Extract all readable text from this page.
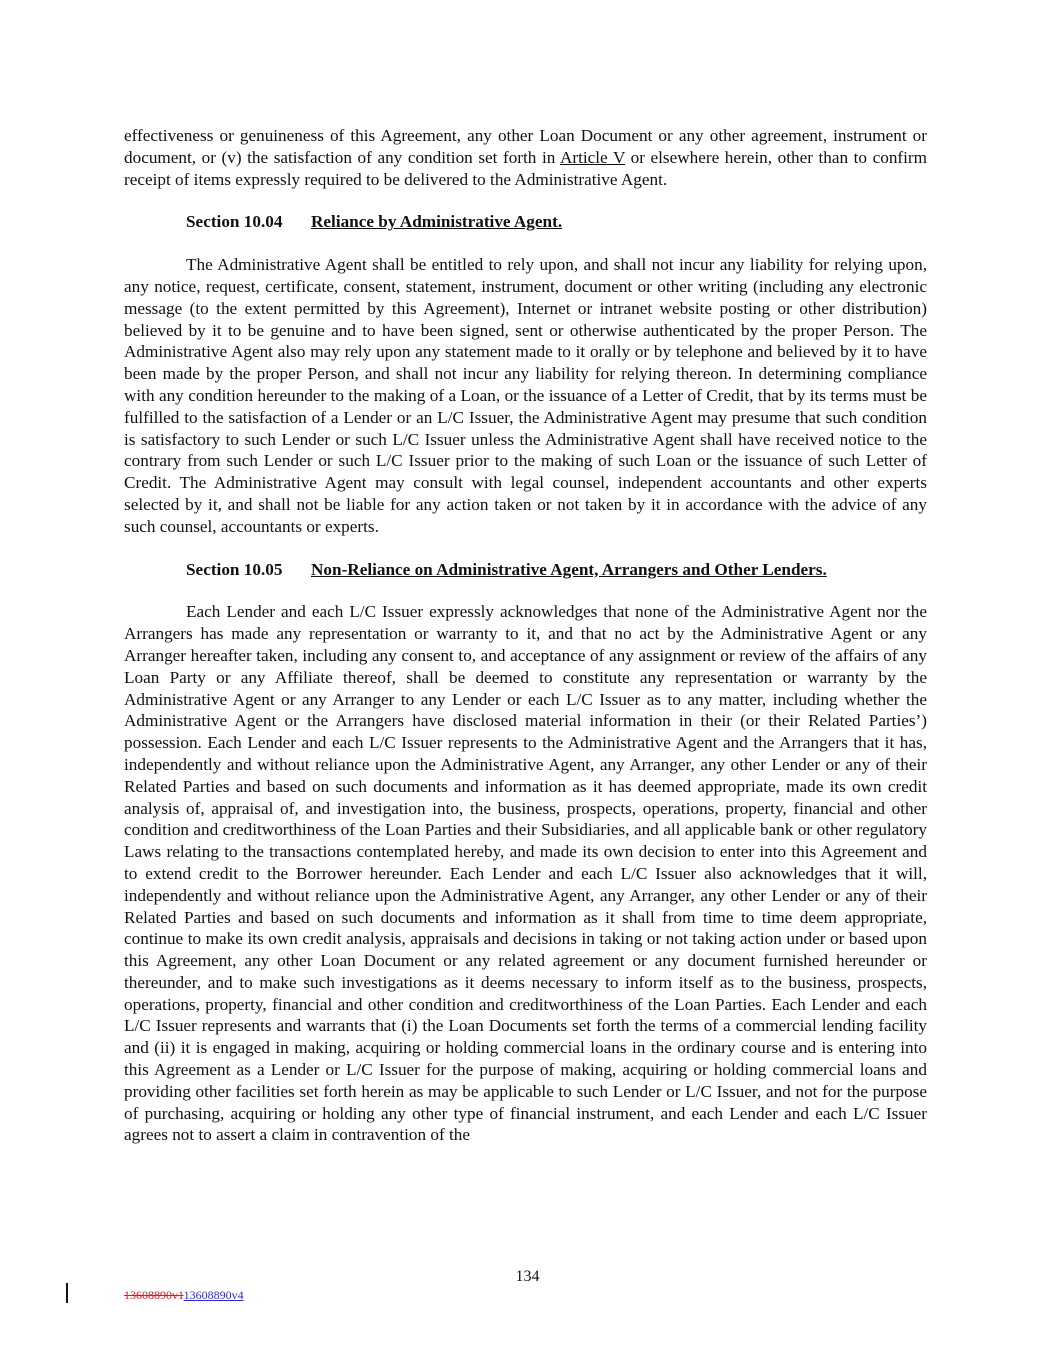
effectiveness or genuineness of this Agreement, any other Loan Document or any other agreement, instrument or document, or (v) the satisfaction of any condition set forth in Article V or elsewhere herein, other than to confirm receipt of items expressly required to be delivered to the Administrative Agent.

Section 10.04 Reliance by Administrative Agent.

The Administrative Agent shall be entitled to rely upon, and shall not incur any liability for relying upon, any notice, request, certificate, consent, statement, instrument, document or other writing (including any electronic message (to the extent permitted by this Agreement), Internet or intranet website posting or other distribution) believed by it to be genuine and to have been signed, sent or otherwise authenticated by the proper Person. The Administrative Agent also may rely upon any statement made to it orally or by telephone and believed by it to have been made by the proper Person, and shall not incur any liability for relying thereon. In determining compliance with any condition hereunder to the making of a Loan, or the issuance of a Letter of Credit, that by its terms must be fulfilled to the satisfaction of a Lender or an L/C Issuer, the Administrative Agent may presume that such condition is satisfactory to such Lender or such L/C Issuer unless the Administrative Agent shall have received notice to the contrary from such Lender or such L/C Issuer prior to the making of such Loan or the issuance of such Letter of Credit. The Administrative Agent may consult with legal counsel, independent accountants and other experts selected by it, and shall not be liable for any action taken or not taken by it in accordance with the advice of any such counsel, accountants or experts.

Section 10.05 Non-Reliance on Administrative Agent, Arrangers and Other Lenders.

Each Lender and each L/C Issuer expressly acknowledges that none of the Administrative Agent nor the Arrangers has made any representation or warranty to it, and that no act by the Administrative Agent or any Arranger hereafter taken, including any consent to, and acceptance of any assignment or review of the affairs of any Loan Party or any Affiliate thereof, shall be deemed to constitute any representation or warranty by the Administrative Agent or any Arranger to any Lender or each L/C Issuer as to any matter, including whether the Administrative Agent or the Arrangers have disclosed material information in their (or their Related Parties’) possession. Each Lender and each L/C Issuer represents to the Administrative Agent and the Arrangers that it has, independently and without reliance upon the Administrative Agent, any Arranger, any other Lender or any of their Related Parties and based on such documents and information as it has deemed appropriate, made its own credit analysis of, appraisal of, and investigation into, the business, prospects, operations, property, financial and other condition and creditworthiness of the Loan Parties and their Subsidiaries, and all applicable bank or other regulatory Laws relating to the transactions contemplated hereby, and made its own decision to enter into this Agreement and to extend credit to the Borrower hereunder. Each Lender and each L/C Issuer also acknowledges that it will, independently and without reliance upon the Administrative Agent, any Arranger, any other Lender or any of their Related Parties and based on such documents and information as it shall from time to time deem appropriate, continue to make its own credit analysis, appraisals and decisions in taking or not taking action under or based upon this Agreement, any other Loan Document or any related agreement or any document furnished hereunder or thereunder, and to make such investigations as it deems necessary to inform itself as to the business, prospects, operations, property, financial and other condition and creditworthiness of the Loan Parties. Each Lender and each L/C Issuer represents and warrants that (i) the Loan Documents set forth the terms of a commercial lending facility and (ii) it is engaged in making, acquiring or holding commercial loans in the ordinary course and is entering into this Agreement as a Lender or L/C Issuer for the purpose of making, acquiring or holding commercial loans and providing other facilities set forth herein as may be applicable to such Lender or L/C Issuer, and not for the purpose of purchasing, acquiring or holding any other type of financial instrument, and each Lender and each L/C Issuer agrees not to assert a claim in contravention of the

134
13608890v113608890v4
